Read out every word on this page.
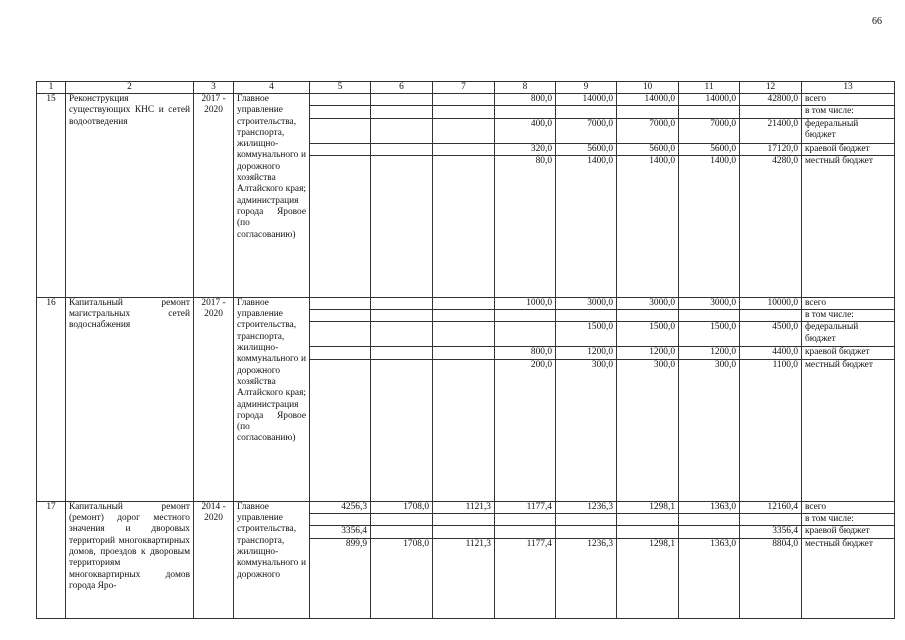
66
1	2	3	4	5	6	7	8	9	10	11	12	13
15	Реконструкция существующих КНС и сетей водоотведения	2017 - 2020	Главное управление строительства, транспорта, жилищно-коммунального и дорожного хозяйства Алтайского края; администрация города Яровое (по согласованию)				800,0	14000,0	14000,0	14000,0	42800,0	всего
												в том числе:
							400,0	7000,0	7000,0	7000,0	21400,0	федеральный бюджет
							320,0	5600,0	5600,0	5600,0	17120,0	краевой бюджет
							80,0	1400,0	1400,0	1400,0	4280,0	местный бюджет
16	Капитальный ремонт магистральных сетей водоснабжения	2017 - 2020	Главное управление строительства, транспорта, жилищно-коммунального и дорожного хозяйства Алтайского края; администрация города Яровое (по согласованию)				1000,0	3000,0	3000,0	3000,0	10000,0	всего
												в том числе:
								1500,0	1500,0	1500,0	4500,0	федеральный бюджет
							800,0	1200,0	1200,0	1200,0	4400,0	краевой бюджет
							200,0	300,0	300,0	300,0	1100,0	местный бюджет
17	Капитальный ремонт (ремонт) дорог местного значения и дворовых территорий многоквартирных домов, проездов к дворовым территориям многоквартирных домов города Яро-	2014 - 2020	Главное управление строительства, транспорта, жилищно-коммунального и дорожного	4256,3	1708,0	1121,3	1177,4	1236,3	1298,1	1363,0	12160,4	всего
												в том числе:
				3356,4							3356,4	краевой бюджет
				899,9	1708,0	1121,3	1177,4	1236,3	1298,1	1363,0	8804,0	местный бюджет
